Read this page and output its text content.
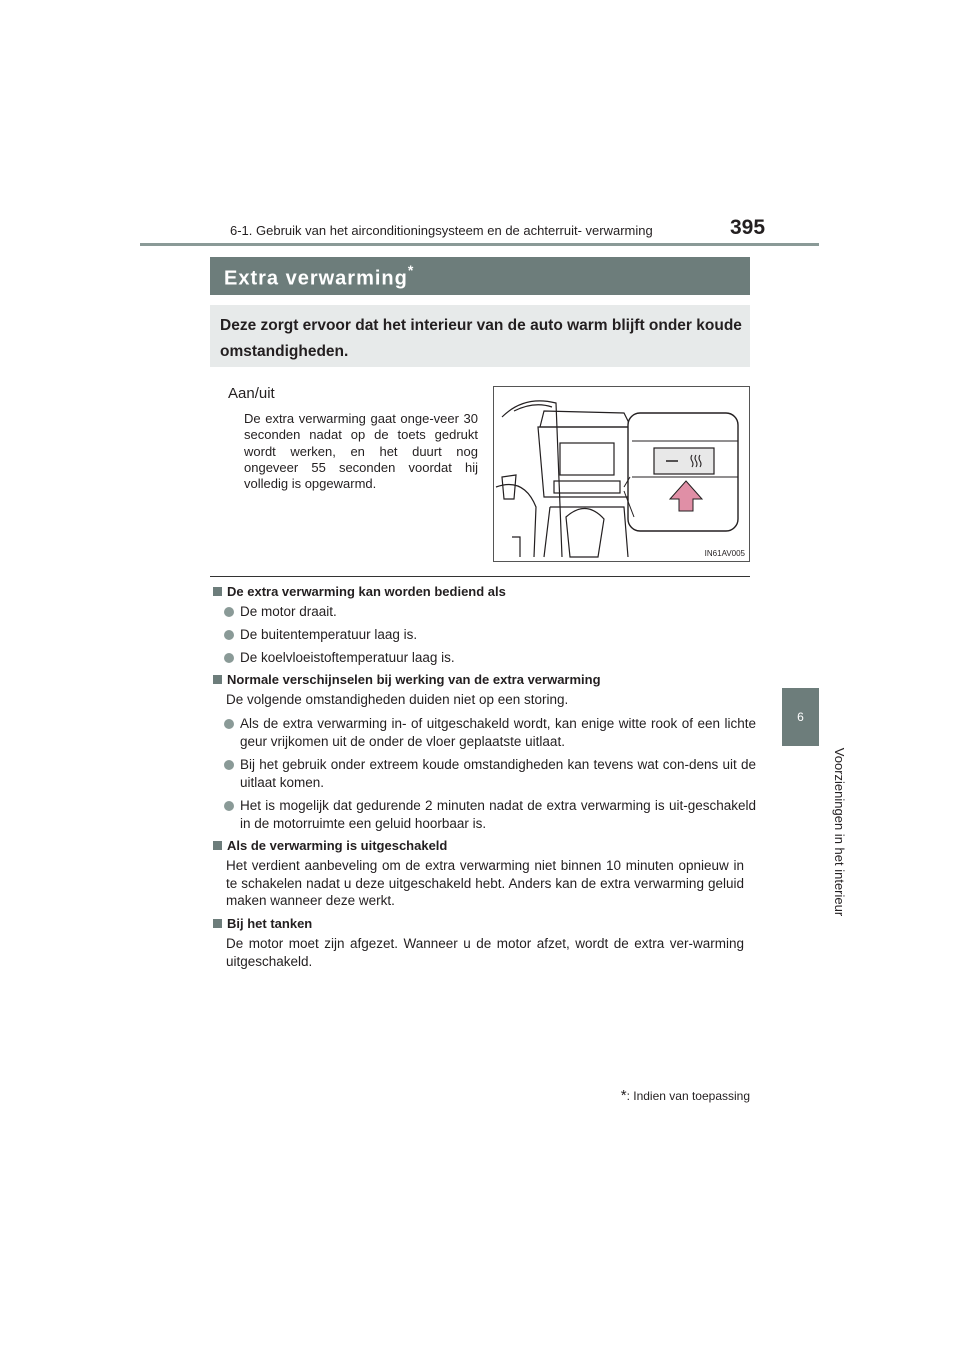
395
6-1. Gebruik van het airconditioningsysteem en de achterruit- verwarming
6
Voorzieningen in het interieur
Extra verwarming*
Deze zorgt ervoor dat het interieur van de auto warm blijft onder koude omstandigheden.
Aan/uit
De extra verwarming gaat onge-veer 30 seconden nadat op de toets gedrukt wordt werken, en het duurt nog ongeveer 55 seconden voordat hij volledig is opgewarmd.
IN61AV005
De extra verwarming kan worden bediend als
De motor draait.
De buitentemperatuur laag is.
De koelvloeistoftemperatuur laag is.
Normale verschijnselen bij werking van de extra verwarming
De volgende omstandigheden duiden niet op een storing.
Als de extra verwarming in- of uitgeschakeld wordt, kan enige witte rook of een lichte geur vrijkomen uit de onder de vloer geplaatste uitlaat.
Bij het gebruik onder extreem koude omstandigheden kan tevens wat con-dens uit de uitlaat komen.
Het is mogelijk dat gedurende 2 minuten nadat de extra verwarming is uit-geschakeld in de motorruimte een geluid hoorbaar is.
Als de verwarming is uitgeschakeld
Het verdient aanbeveling om de extra verwarming niet binnen 10 minuten opnieuw in te schakelen nadat u deze uitgeschakeld hebt. Anders kan de extra verwarming geluid maken wanneer deze werkt.
Bij het tanken
De motor moet zijn afgezet. Wanneer u de motor afzet, wordt de extra ver-warming uitgeschakeld.
*: Indien van toepassing
